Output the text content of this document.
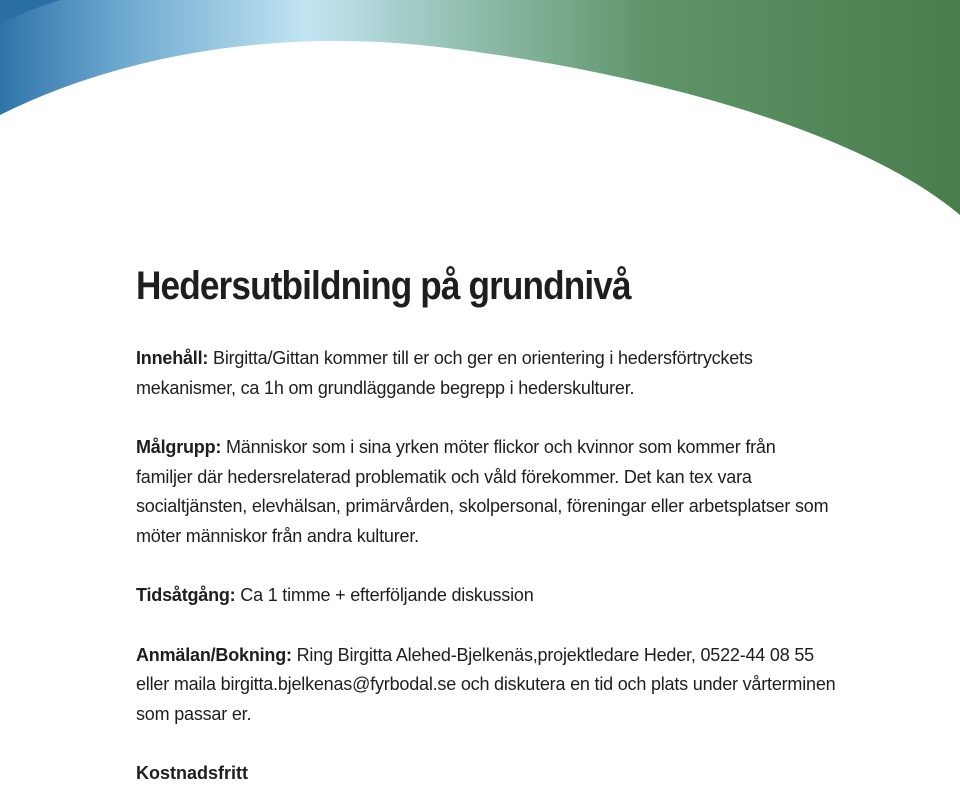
Hedersutbildning på grundnivå

Innehåll: Birgitta/Gittan kommer till er och ger en orientering i hedersförtryckets mekanismer, ca 1h om grundläggande begrepp i hederskulturer.

Målgrupp: Människor som i sina yrken möter flickor och kvinnor som kommer från familjer där hedersrelaterad problematik och våld förekommer. Det kan tex vara socialtjänsten, elevhälsan, primärvården, skolpersonal, föreningar eller arbetsplatser som möter människor från andra kulturer.

Tidsåtgång: Ca 1 timme + efterföljande diskussion

Anmälan/Bokning: Ring Birgitta Alehed-Bjelkenäs,projektledare Heder, 0522-44 08 55 eller maila birgitta.bjelkenas@fyrbodal.se och diskutera en tid och plats under vårterminen som passar er.

Kostnadsfritt
